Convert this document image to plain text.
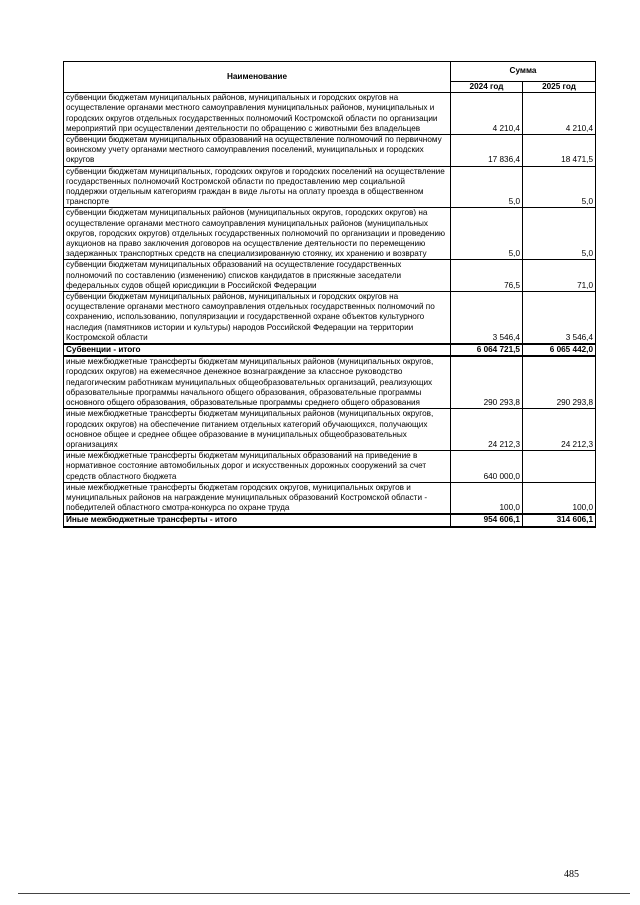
Наименование	Сумма	
	2024 год	2025 год
субвенции бюджетам муниципальных районов, муниципальных и городских округов на осуществление органами местного самоуправления муниципальных районов, муниципальных и городских округов отдельных государственных полномочий Костромской области по организации мероприятий при осуществлении деятельности по обращению с животными без владельцев	4 210,4	4 210,4
субвенции бюджетам муниципальных образований на осуществление полномочий по первичному воинскому учету органами местного самоуправления поселений, муниципальных и городских округов	17 836,4	18 471,5
субвенции бюджетам муниципальных, городских округов и городских поселений на осуществление государственных полномочий Костромской области по предоставлению мер социальной поддержки отдельным категориям граждан в виде льготы на оплату проезда в общественном транспорте	5,0	5,0
субвенции бюджетам муниципальных районов (муниципальных округов, городских округов) на осуществление органами местного самоуправления муниципальных районов (муниципальных округов, городских округов) отдельных государственных полномочий по организации и проведению аукционов на право заключения договоров на осуществление деятельности по перемещению задержанных транспортных средств на специализированную стоянку, их хранению и возврату	5,0	5,0
субвенции бюджетам муниципальных образований на осуществление государственных полномочий по составлению (изменению) списков кандидатов в присяжные заседатели федеральных судов общей юрисдикции в Российской Федерации	76,5	71,0
субвенции бюджетам муниципальных районов, муниципальных и городских округов на осуществление органами местного самоуправления отдельных государственных полномочий по сохранению, использованию, популяризации и государственной охране объектов культурного наследия (памятников истории и культуры) народов Российской Федерации на территории Костромской области	3 546,4	3 546,4
Субвенции - итого	6 064 721,5	6 065 442,0
иные межбюджетные трансферты бюджетам муниципальных районов (муниципальных округов, городских округов) на ежемесячное денежное вознаграждение за классное руководство педагогическим работникам муниципальных общеобразовательных организаций, реализующих образовательные программы начального общего образования, образовательные программы основного общего образования, образовательные программы среднего общего образования	290 293,8	290 293,8
иные межбюджетные трансферты бюджетам муниципальных районов (муниципальных округов, городских округов) на обеспечение питанием отдельных категорий обучающихся, получающих основное общее и среднее общее образование в муниципальных общеобразовательных организациях	24 212,3	24 212,3
иные межбюджетные трансферты бюджетам муниципальных образований на приведение в нормативное состояние автомобильных дорог и искусственных дорожных сооружений за счет средств областного бюджета	640 000,0	
иные межбюджетные трансферты бюджетам городских округов, муниципальных округов и муниципальных районов на награждение муниципальных образований Костромской области - победителей областного смотра-конкурса по охране труда	100,0	100,0
Иные межбюджетные трансферты - итого	954 606,1	314 606,1
485
